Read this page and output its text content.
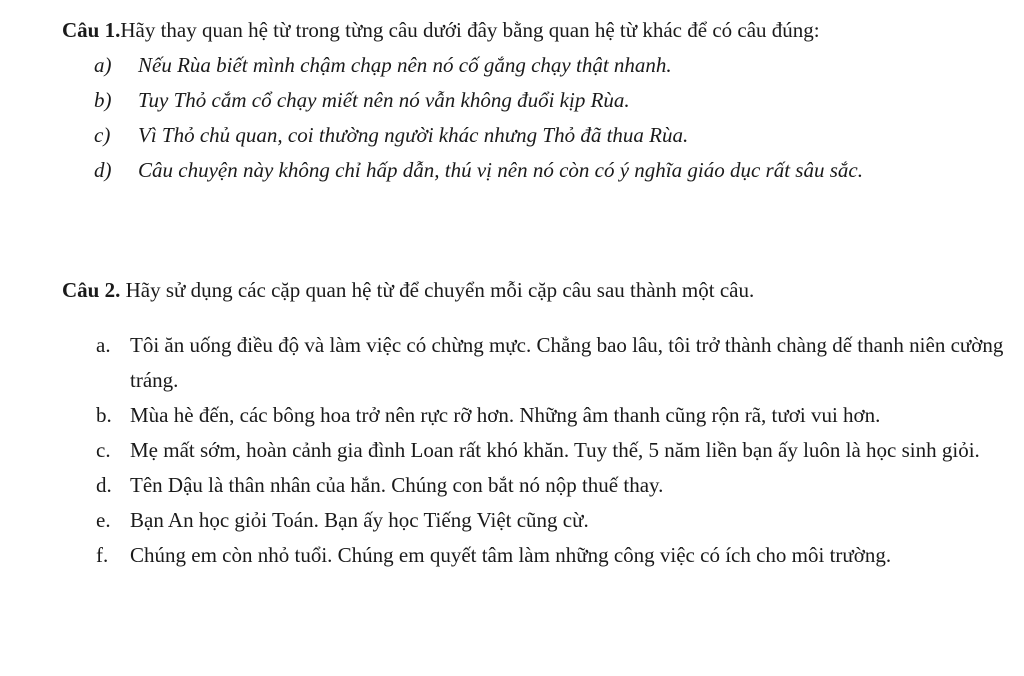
Câu 1.Hãy thay quan hệ từ trong từng câu dưới đây bằng quan hệ từ khác để có câu đúng:

a) Nếu Rùa biết mình chậm chạp nên nó cố gắng chạy thật nhanh.
b) Tuy Thỏ cắm cổ chạy miết nên nó vẫn không đuổi kịp Rùa.
c) Vì Thỏ chủ quan, coi thường người khác nhưng Thỏ đã thua Rùa.
d) Câu chuyện này không chỉ hấp dẫn, thú vị nên nó còn có ý nghĩa giáo dục rất sâu sắc.

Câu 2. Hãy sử dụng các cặp quan hệ từ để chuyển mỗi cặp câu sau thành một câu.

a. Tôi ăn uống điều độ và làm việc có chừng mực. Chẳng bao lâu, tôi trở thành chàng dế thanh niên cường tráng.
b. Mùa hè đến, các bông hoa trở nên rực rỡ hơn. Những âm thanh cũng rộn rã, tươi vui hơn.
c. Mẹ mất sớm, hoàn cảnh gia đình Loan rất khó khăn. Tuy thế, 5 năm liền bạn ấy luôn là học sinh giỏi.
d. Tên Dậu là thân nhân của hắn. Chúng con bắt nó nộp thuế thay.
e. Bạn An học giỏi Toán. Bạn ấy học Tiếng Việt cũng cừ.
f. Chúng em còn nhỏ tuổi. Chúng em quyết tâm làm những công việc có ích cho môi trường.
